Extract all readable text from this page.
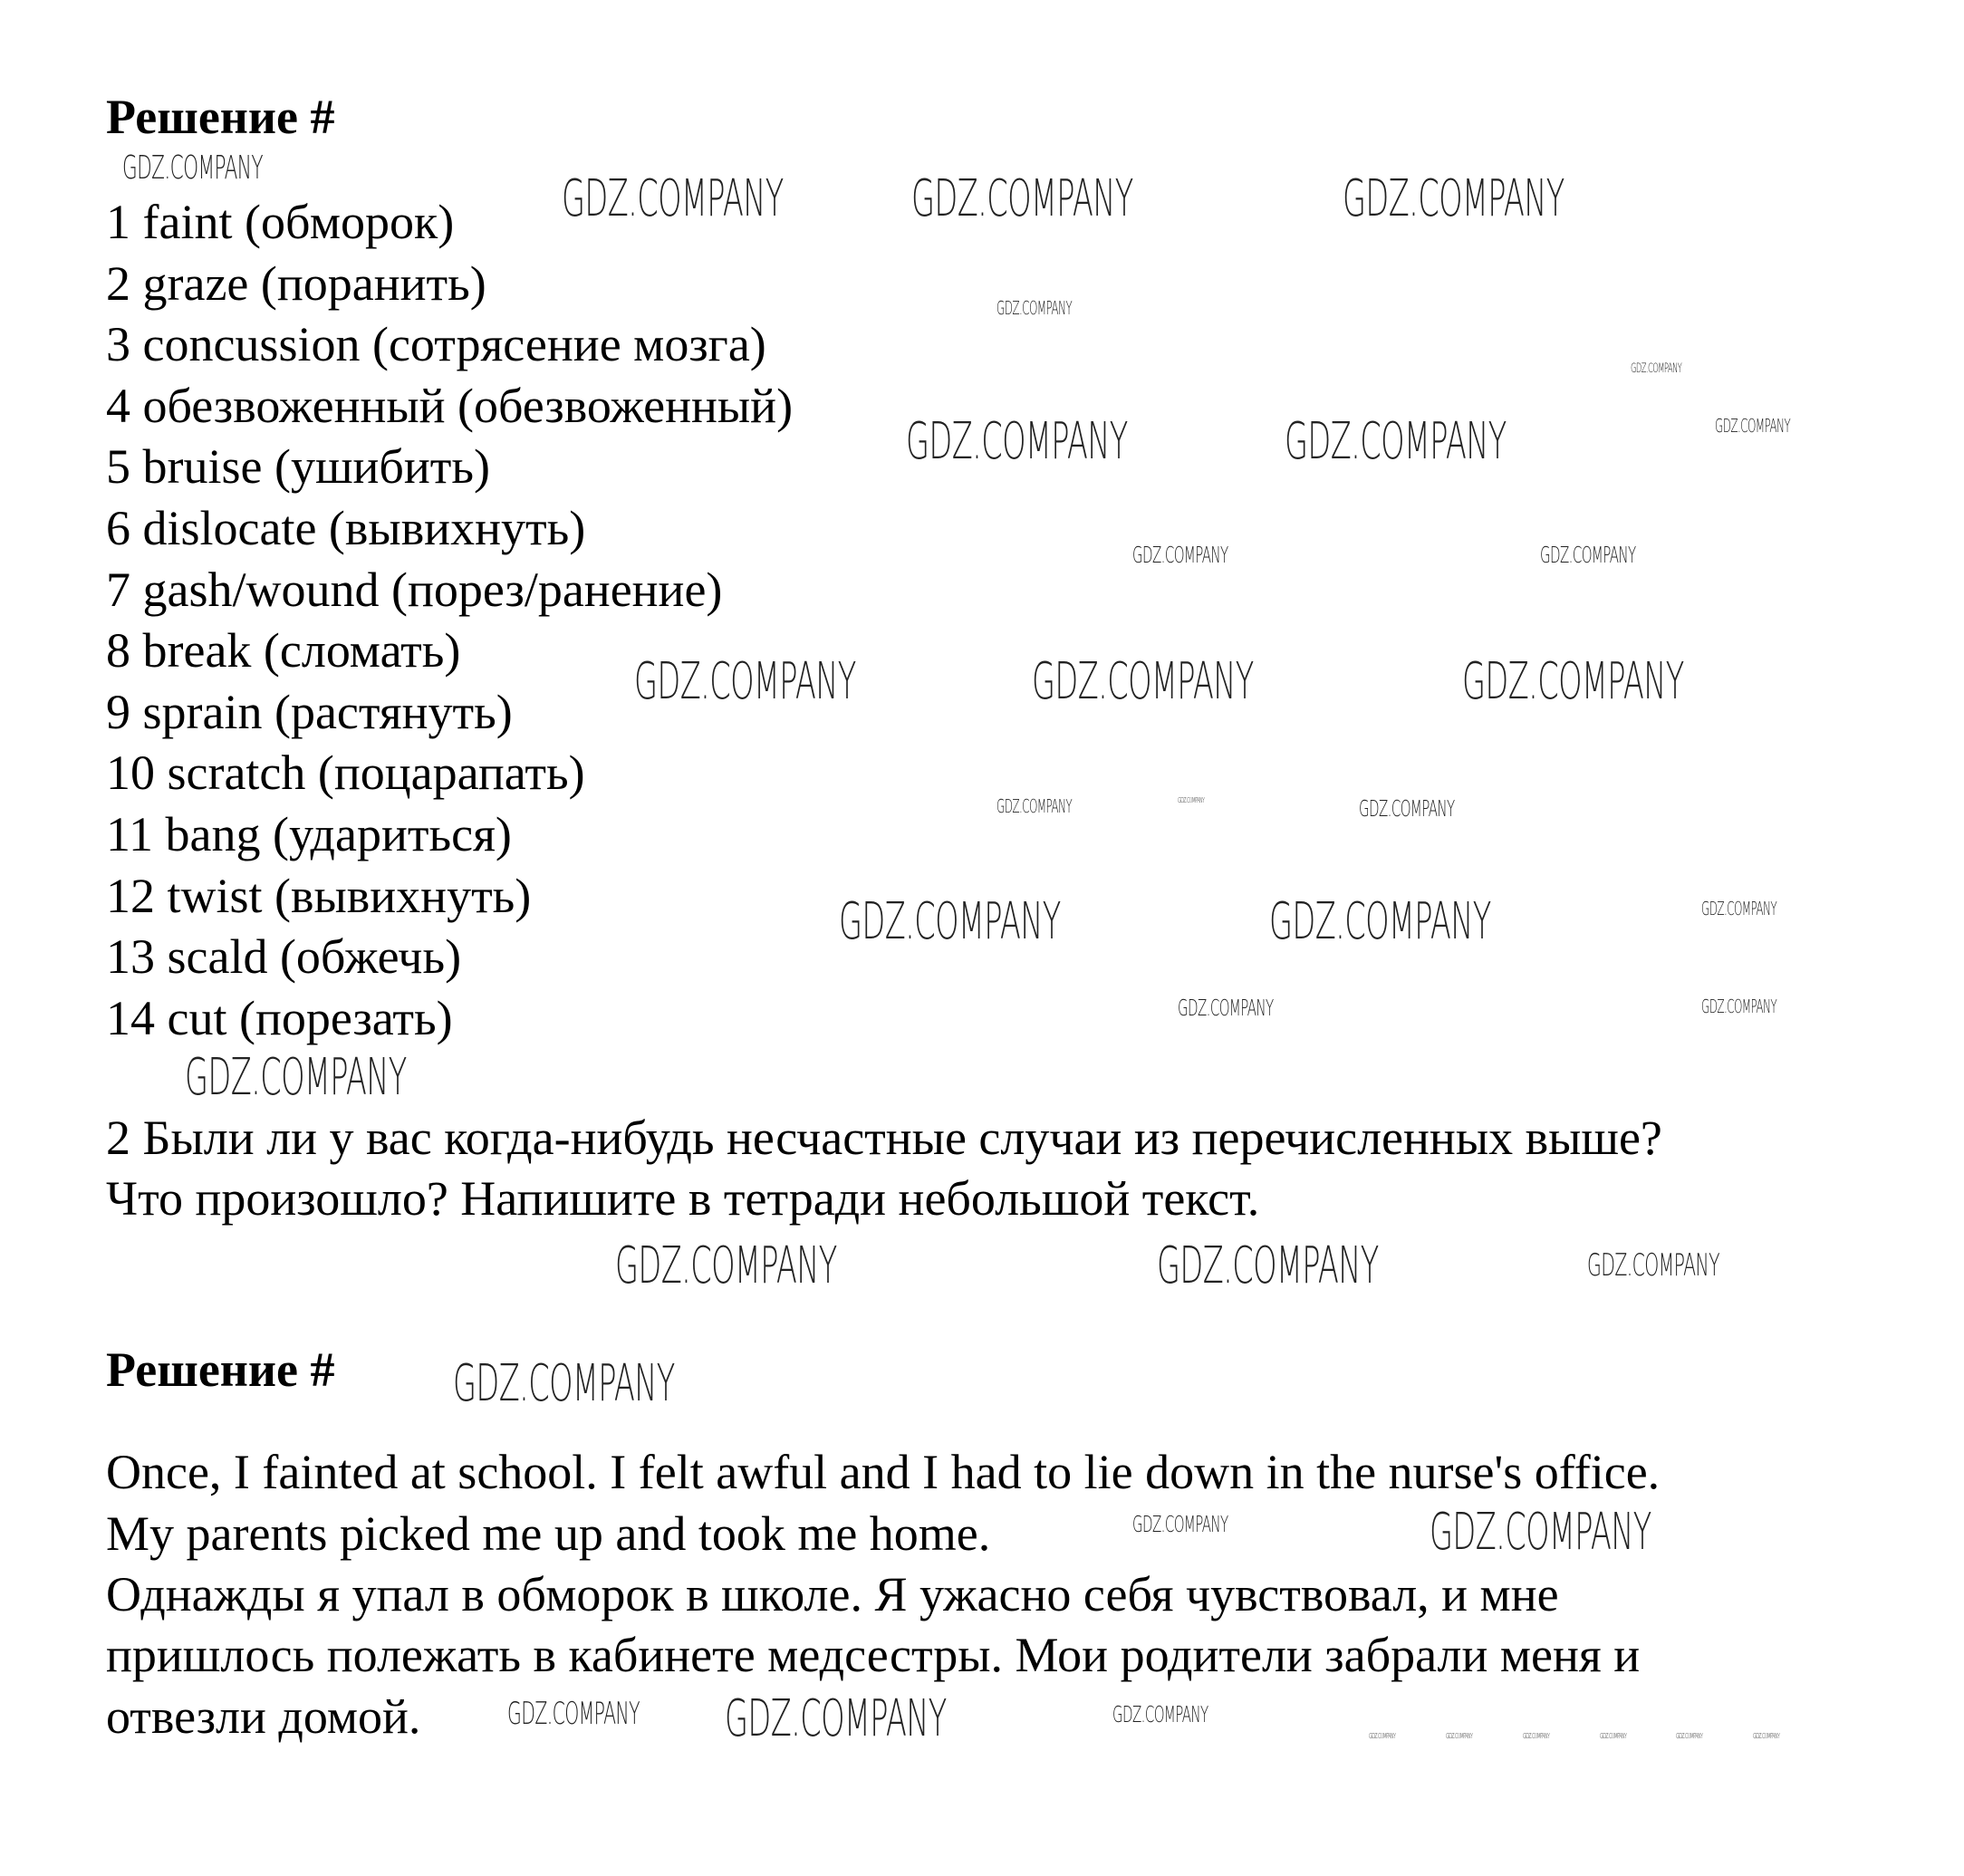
Решение #
1 faint (обморок)
2 graze (поранить)
3 concussion (сотрясение мозга)
4 обезвоженный (обезвоженный)
5 bruise (ушибить)
6 dislocate (вывихнуть)
7 gash/wound (порез/ранение)
8 break (сломать)
9 sprain (растянуть)
10 scratch (поцарапать)
11 bang (удариться)
12 twist (вывихнуть)
13 scald (обжечь)
14 cut (порезать)
2 Были ли у вас когда-нибудь несчастные случаи из перечисленных выше?
Что произошло? Напишите в тетради небольшой текст.
Решение #
Once, I fainted at school. I felt awful and I had to lie down in the nurse's office.
My parents picked me up and took me home.
Однажды я упал в обморок в школе. Я ужасно себя чувствовал, и мне
пришлось полежать в кабинете медсестры. Мои родители забрали меня и
отвезли домой.
GDZ.COMPANY	GDZ.COMPANY	GDZ.COMPANY
GDZ.COMPANY	GDZ.COMPANY
GDZ.COMPANY	GDZ.COMPANY	GDZ.COMPANY
GDZ.COMPANY	GDZ.COMPANY
GDZ.COMPANY
GDZ.COMPANY	GDZ.COMPANY
GDZ.COMPANY
GDZ.COMPANY
GDZ.COMPANY
GDZ.COMPANY
GDZ.COMPANY
GDZ.COMPANY	GDZ.COMPANY
GDZ.COMPANY
GDZ.COMPANY	GDZ.COMPANY	GDZ.COMPANY
GDZ.COMPANY
GDZ.COMPANY
GDZ.COMPANY
GDZ.COMPANY
GDZ.COMPANY
GDZ.COMPANY
GDZ.COMPANY
GDZ.COMPANY
GDZ.COMPANY	GDZ.COMPANY	GDZ.COMPANY	GDZ.COMPANY	GDZ.COMPANY	GDZ.COMPANY
